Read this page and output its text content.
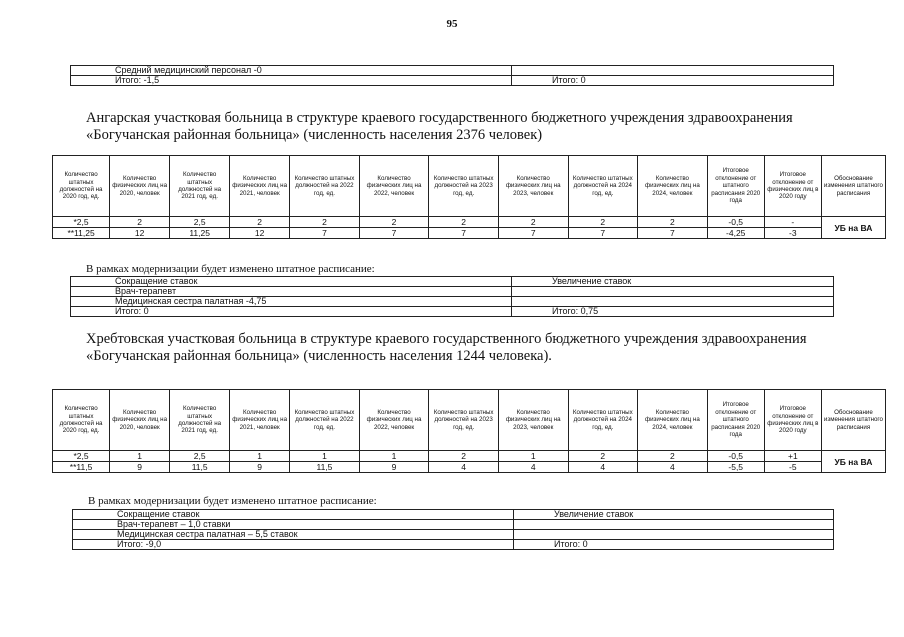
95
Средний медицинский персонал -0	
Итого: -1,5	Итого: 0
Ангарская участковая больница в структуре краевого государственного бюджетного учреждения здравоохранения
«Богучанская районная больница» (численность населения 2376 человек)
Количество штатных должностей на 2020 год, ед.	Количество физических лиц на 2020, человек	Количество штатных должностей на 2021 год, ед.	Количество физических лиц на 2021, человек	Количество штатных должностей на 2022 год, ед.	Количество физических лиц на 2022, человек	Количество штатных должностей на 2023 год, ед.	Количество физических лиц на 2023, человек	Количество штатных должностей на 2024 год, ед.	Количество физических лиц на 2024, человек	Итоговое отклонение от штатного расписания 2020 года	Итоговое отклонение от физических лиц в 2020 году	Обоснование изменения штатного расписания
*2,5	2	2,5	2	2	2	2	2	2	2	-0,5	-	УБ на ВА
**11,25	12	11,25	12	7	7	7	7	7	7	-4,25	-3	
В рамках модернизации будет изменено штатное расписание:
Сокращение ставок	Увеличение ставок
Врач-терапевт	
Медицинская сестра палатная -4,75	
Итого: 0	Итого: 0,75
Хребтовская участковая больница в структуре краевого государственного бюджетного учреждения здравоохранения
«Богучанская районная больница» (численность населения 1244 человека).
Количество штатных должностей на 2020 год, ед.	Количество физических лиц на 2020, человек	Количество штатных должностей на 2021 год, ед.	Количество физических лиц на 2021, человек	Количество штатных должностей на 2022 год, ед.	Количество физических лиц на 2022, человек	Количество штатных должностей на 2023 год, ед.	Количество физических лиц на 2023, человек	Количество штатных должностей на 2024 год, ед.	Количество физических лиц на 2024, человек	Итоговое отклонение от штатного расписания 2020 года	Итоговое отклонение от физических лиц в 2020 году	Обоснование изменения штатного расписания
*2,5	1	2,5	1	1	1	2	1	2	2	-0,5	+1	УБ на ВА
**11,5	9	11,5	9	11,5	9	4	4	4	4	-5,5	-5	
В рамках модернизации будет изменено штатное расписание:
Сокращение ставок	Увеличение ставок
Врач-терапевт – 1,0 ставки	
Медицинская сестра палатная – 5,5 ставок	
Итого: -9,0	Итого: 0
